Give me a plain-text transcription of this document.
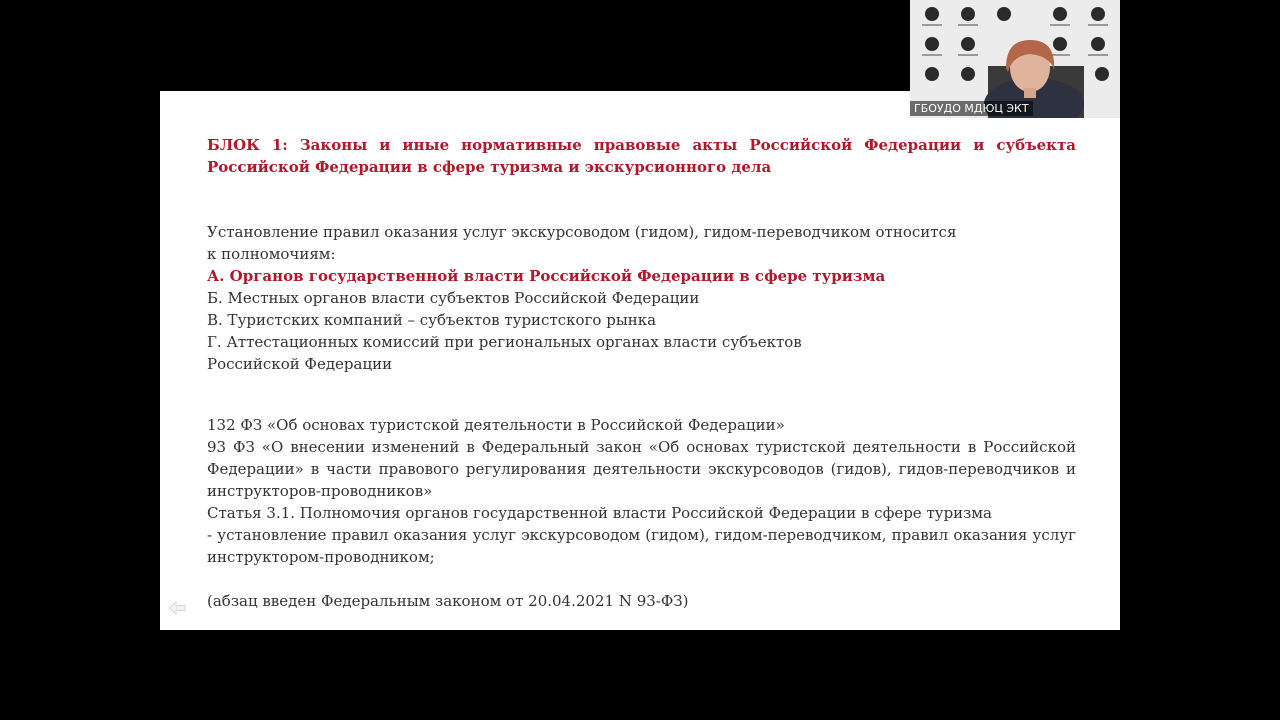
БЛОК 1: Законы и иные нормативные правовые акты Российской Федерации и субъекта Российской Федерации в сфере туризма и экскурсионного дела
Установление правил оказания услуг экскурсоводом (гидом), гидом-переводчиком относится
к полномочиям:
А. Органов государственной власти Российской Федерации в сфере туризма
Б. Местных органов власти субъектов Российской Федерации
В. Туристских компаний – субъектов туристского рынка
Г. Аттестационных комиссий при региональных органах власти субъектов
Российской Федерации
132 ФЗ «Об основах туристской деятельности в Российской Федерации»
93 ФЗ «О внесении изменений в Федеральный закон «Об основах туристской деятельности в Российской Федерации» в части правового регулирования деятельности экскурсоводов (гидов), гидов-переводчиков и инструкторов-проводников»
Статья 3.1. Полномочия органов государственной власти Российской Федерации в сфере туризма
- установление правил оказания услуг экскурсоводом (гидом), гидом-переводчиком, правил оказания услуг инструктором-проводником;
(абзац введен Федеральным законом от 20.04.2021 N 93-ФЗ)
ГБОУДО МДЮЦ ЭКТ
